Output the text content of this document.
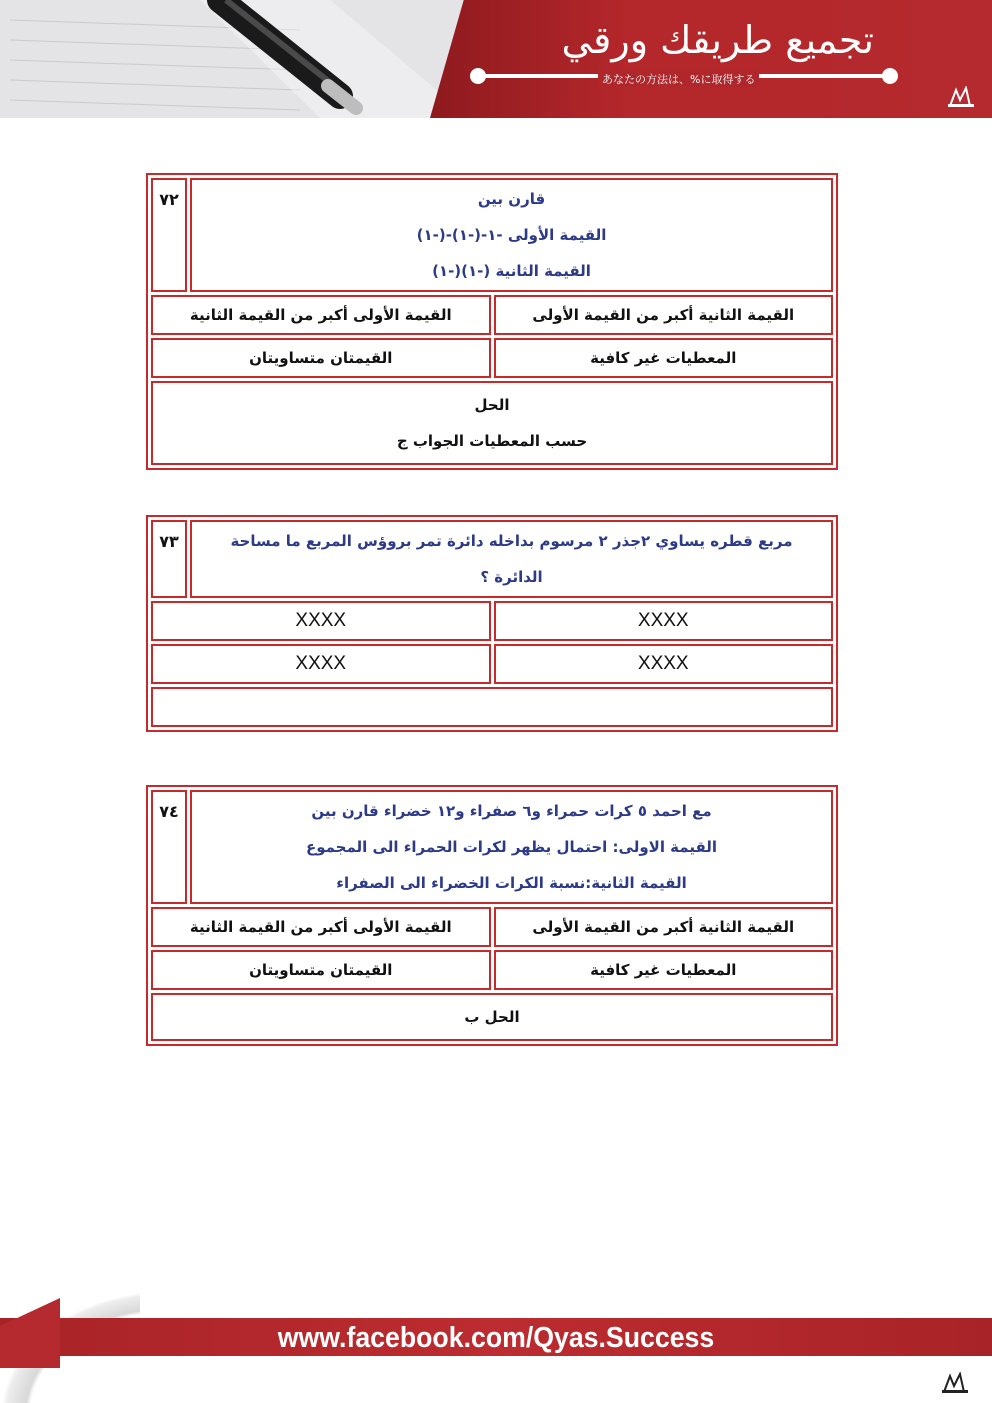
تجميع طريقك ورقي
あなたの方法は、%に取得する
٧٢	قارن بين
القيمة الأولى -١-(-١)-(-١)
القيمة الثانية (-١)(-١)
القيمة الأولى أكبر من القيمة الثانية	القيمة الثانية أكبر من القيمة الأولى
القيمتان متساويتان	المعطيات غير كافية
الحل
حسب المعطيات الجواب ج
٧٣	مربع قطره يساوي ٢جذر ٢ مرسوم بداخله دائرة تمر بروؤس المربع ما مساحة
الدائرة ؟
XXXX	XXXX
XXXX	XXXX
٧٤	مع احمد ٥ كرات حمراء و٦ صفراء و١٢ خضراء قارن بين
القيمة الاولى: احتمال يظهر لكرات الحمراء الى المجموع
القيمة الثانية:نسبة الكرات الخضراء الى الصفراء
القيمة الأولى أكبر من القيمة الثانية	القيمة الثانية أكبر من القيمة الأولى
القيمتان متساويتان	المعطيات غير كافية
الحل ب
www.facebook.com/Qyas.Success
